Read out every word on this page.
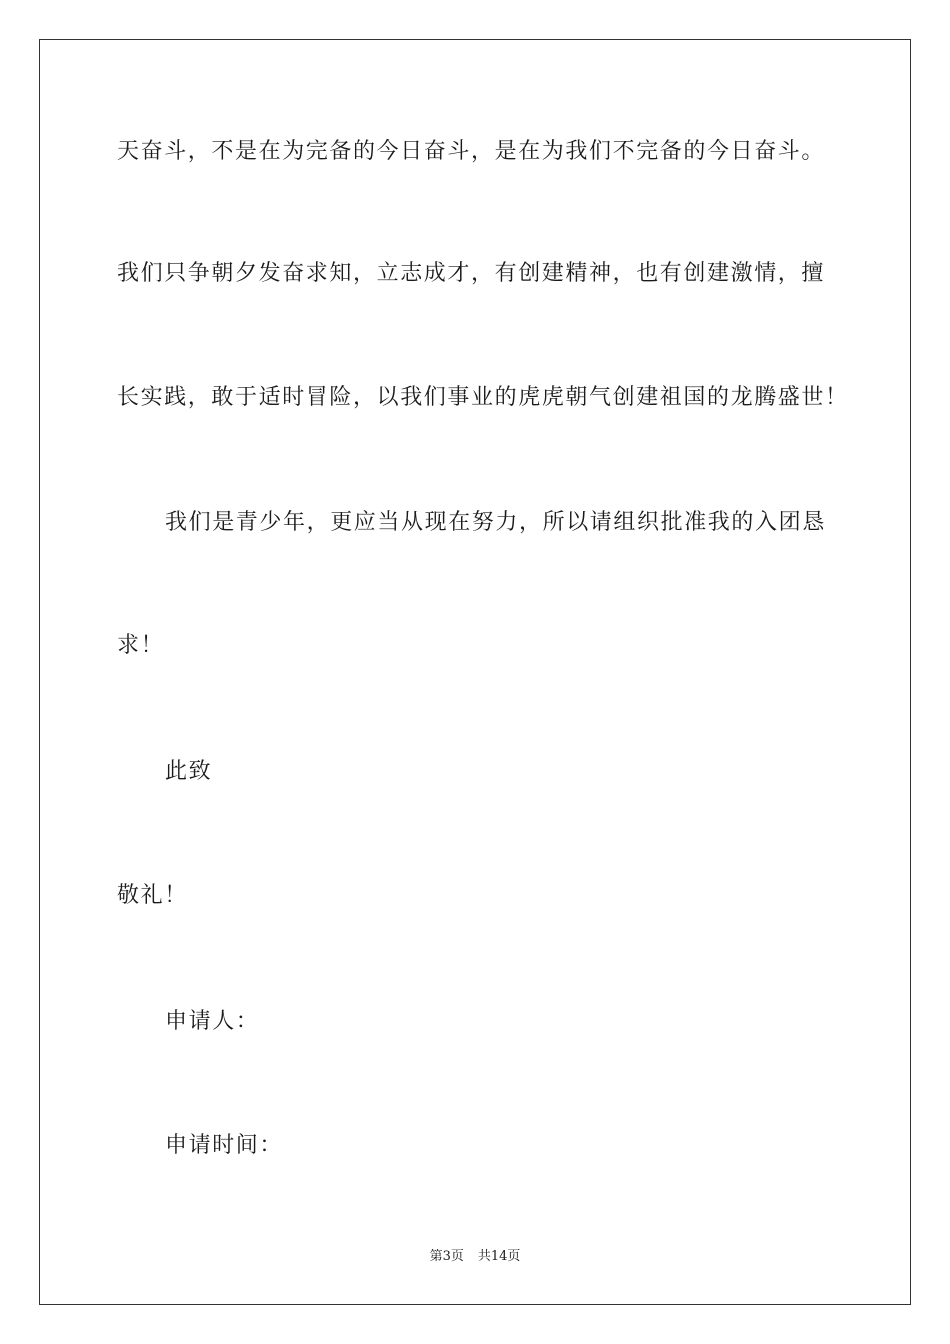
天奋斗，不是在为完备的今日奋斗，是在为我们不完备的今日奋斗。

我们只争朝夕发奋求知，立志成才，有创建精神，也有创建激情，擅

长实践，敢于适时冒险，以我们事业的虎虎朝气创建祖国的龙腾盛世！

我们是青少年，更应当从现在努力，所以请组织批准我的入团恳

求！

此致

敬礼！

申请人：

申请时间：

第3页 共14页
